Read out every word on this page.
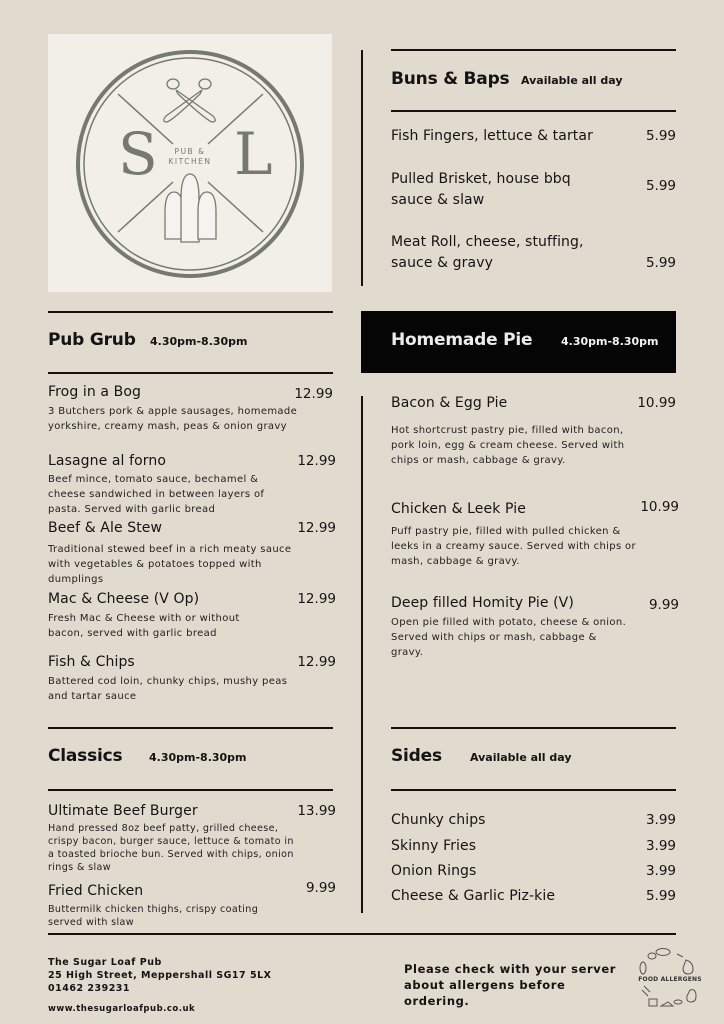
S L
PUB &
KITCHEN
Buns & Baps Available all day
Fish Fingers, lettuce & tartar	5.99
Pulled Brisket, house bbq sauce & slaw
5.99
Meat Roll, cheese, stuffing, sauce & gravy	5.99
Pub Grub 4.30pm-8.30pm
Frog in a Bog	12.99
3 Butchers pork & apple sausages, homemade yorkshire, creamy mash, peas & onion gravy
Lasagne al forno	12.99
Beef mince, tomato sauce, bechamel & cheese sandwiched in between layers of pasta. Served with garlic bread
Beef & Ale Stew	12.99
Traditional stewed beef in a rich meaty sauce with vegetables & potatoes topped with dumplings
Mac & Cheese (V Op)	12.99
Fresh Mac & Cheese with or without bacon, served with garlic bread
Fish & Chips	12.99
Battered cod loin, chunky chips, mushy peas and tartar sauce
Homemade Pie	4.30pm-8.30pm
Bacon & Egg Pie	10.99
Hot shortcrust pastry pie, filled with bacon, pork loin, egg & cream cheese. Served with chips or mash, cabbage & gravy.
Chicken & Leek Pie	10.99
Puff pastry pie, filled with pulled chicken & leeks in a creamy sauce. Served with chips or mash, cabbage & gravy.
Deep filled Homity Pie (V)	9.99
Open pie filled with potato, cheese & onion. Served with chips or mash, cabbage & gravy.
Classics 4.30pm-8.30pm
Ultimate Beef Burger	13.99
Hand pressed 8oz beef patty, grilled cheese, crispy bacon, burger sauce, lettuce & tomato in a toasted brioche bun. Served with chips, onion rings & slaw
Fried Chicken	9.99
Buttermilk chicken thighs, crispy coating served with slaw
Sides	Available all day
Chunky chips	3.99
Skinny Fries	3.99
Onion Rings	3.99
Cheese & Garlic Piz-kie	5.99
The Sugar Loaf Pub
25 High Street, Meppershall SG17 5LX
01462 239231
www.thesugarloafpub.co.uk
Please check with your server about allergens before ordering.
FOOD ALLERGENS
